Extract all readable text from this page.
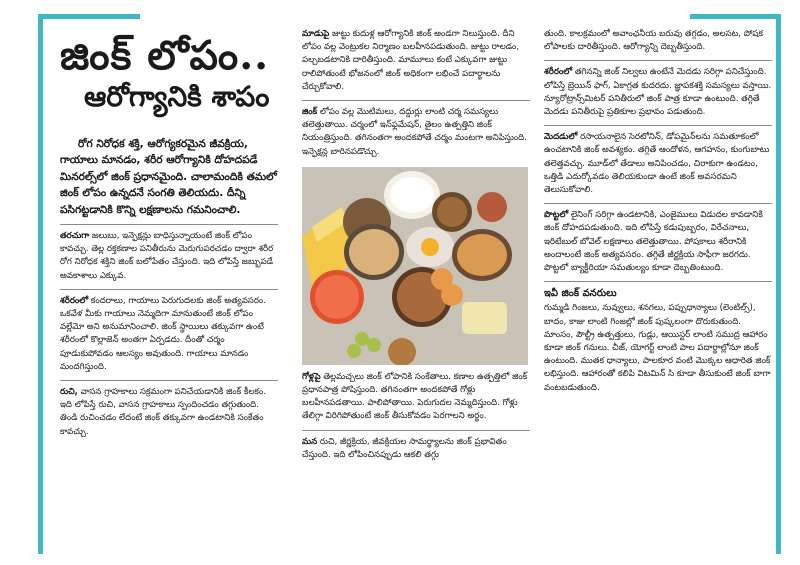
జింక్ లోపం..
ఆరోగ్యానికి శాపం
రోగ నిరోధక శక్తి, ఆరోగ్యకరమైన జీవక్రియ, గాయాలు మానడం, శరీర ఆరోగ్యానికి దోహదపడే మినరల్స్‌లో జింక్ ప్రధానమైంది. చాలామందికి తమలో జింక్ లోపం ఉన్నదనే సంగతి తెలియదు. దీన్ని పసిగట్టడానికి కొన్ని లక్షణాలను గమనించాలి.
తరచుగా జలుబు, ఇన్ఫెక్షన్లు బాధిస్తున్నాయంటే జింక్ లోపం కావచ్చు. తెల్ల రక్తకణాల పనితీరును మెరుగుపరచడం ద్వారా శరీర రోగ నిరోధక శక్తిని జింక్ బలోపేతం చేస్తుంది. ఇది లోపిస్తే జబ్బుపడే అవకాశాలు ఎక్కువ.
శరీరంలో కందరాలు, గాయాలు పెరుగుదలకు జింక్ అత్యవసరం. ఒకవేళ మీకు గాయాలు నెమ్మదిగా మానుతుంటే జింక్ లోపం వల్లేమో అని అనుమానించాలి. జింక్ స్థాయిలు తక్కువగా ఉంటే శరీరంలో కొల్లాజెన్ అంతగా ఏర్పడదు. దీంతో చర్మం పూడుకుపోవడం ఆలస్యం అవుతుంది. గాయాలు మానడం మందగిస్తుంది.
రుచి, వాసన గ్రాహకాలు సక్రమంగా పనిచేయడానికి జింక్ కీలకం. ఇది లోపిస్తే రుచి, వాసన గ్రాహకాలు స్పందించడం తగ్గుతుంది. తిండి రుచించడం లేదంటే జింక్ తక్కువగా ఉండటానికి సంకేతం కావచ్చు.
మాడుపై జుట్టు కుదుళ్ల ఆరోగ్యానికి జింక్ అండగా నిలుస్తుంది. దీని లోపం వల్ల వెంట్రుకల నిర్మాణం బలహీనపడుతుంది. జుట్టు రాలడం, పల్చబడటానికి దారితీస్తుంది. మామూలు కంటే ఎక్కువగా జుట్టు రాలిపోతుంటే భోజనంలో జింక్ అధికంగా లభించే పదార్థాలను చేర్చుకోవాలి.
జింక్ లోపం వల్ల మొటిమలు, దద్దుర్లు లాంటి చర్మ సమస్యలు తలెత్తుతాయి. చర్మంలో ఇన్‌ఫ్లమేషన్, తైలం ఉత్పత్తిని జింక్ నియంత్రిస్తుంది. తగినంతగా అందకపోతే చర్మం మంటగా అనిపిస్తుంది. ఇన్ఫెక్షన్ల బారినపడొచ్చు.
గోళ్లపై తెల్లమచ్చలు జింక్ లోపానికి సంకేతాలు. కణాల ఉత్పత్తిలో జింక్ ప్రధానపాత్ర పోషిస్తుంది. తగినంతగా అందకపోతే గోళ్లు బలహీనపడతాయి. పాలిపోతాయి. పెరుగుదల నెమ్మదిస్తుంది. గోళ్లు తేలిగ్గా విరిగిపోతుంటే జింక్ తీసుకోవడం పెరగాలని అర్థం.
మన రుచి, జీర్ణక్రియ, జీవక్రియల సామర్థ్యాలను జింక్ ప్రభావితం చేస్తుంది. ఇది లోపించినప్పుడు ఆకలి తగ్గు
తుంది. కాలక్రమంలో అవాంఛనీయ బరువు తగ్గడం, అలసట, పోషక లోపాలకు దారితీస్తుంది. ఆరోగ్యాన్ని దెబ్బతీస్తుంది.
శరీరంలో తగినన్ని జింక్ నిల్వలు ఉంటేనే మెదడు సరిగ్గా పనిచేస్తుంది. లోపిస్తే బ్రెయిన్ ఫాగ్, ఏకాగ్రత కుదరదు. జ్ఞాపకశక్తి సమస్యలు వస్తాయి. న్యూరోట్రాన్స్‌మిటర్ పనితీరులో జింక్ పాత్ర కూడా ఉంటుంది. తగ్గితే మెదడు పనితీరుపై ప్రతికూల ప్రభావం పడుతుంది.
మెదడులో రసాయనాలైన సెరటోనిన్, డోపమైన్‌లను సమతూకంలో ఉంచటానికి జింక్ అవశ్యకం. తగ్గితే ఆందోళన, ఆగహనం, కుంగుబాటు తలెత్తవచ్చు. మూడ్‌లో తేడాలు అనిపించడం, చిరాకుగా ఉండటం, ఒత్తిడి ఎదుర్కోవడం తెలియకుండా ఉంటే జింక్ అవసరమని తెలుసుకోవాలి.
పొట్టలో లైనింగ్ సరిగ్గా ఉండటానికి, ఎంజైములు విడుదల కావడానికి జింక్ దోహదపడుతుంది. ఇది లోపిస్తే కడుపుబ్బరం, విరేచనాలు, ఇరిటేబుల్ బోవెల్ లక్షణాలు తలెత్తుతాయి. పోషకాలు శరీరానికి అందాలంటే జింక్ అత్యవసరం. తగ్గితే జీర్ణక్రియ సాఫీగా జరగదు. పొట్టలో బ్యాక్టీరియా సమతుల్యం కూడా దెబ్బతింటుంది.
ఇవీ జింక్ వనరులు
గుమ్మడి గింజలు, నువ్వులు, శనగలు, పప్పుధాన్యాలు (లెంటిల్స్), బాదం, కాజు లాంటి గింజల్లో జింక్ పుష్కలంగా దొరుకుతుంది. మాంసం, పౌల్ట్రీ ఉత్పత్తులు, గుడ్లు, ఆయిస్టర్ లాంటి సముద్ర ఆహారం కూడా జింక్ గనులు. చీజ్, యోగర్ట్ లాంటి పాల పదార్థాల్లోనూ జింక్ ఉంటుంది. ముతక ధాన్యాలు, పాలకూర వంటి మొక్కల ఆధారిత జింక్ లభిస్తుంది. ఆహారంతో కలిపి విటమిన్ సి కూడా తీసుకుంటే జింక్ బాగా వంటబడుతుంది.
